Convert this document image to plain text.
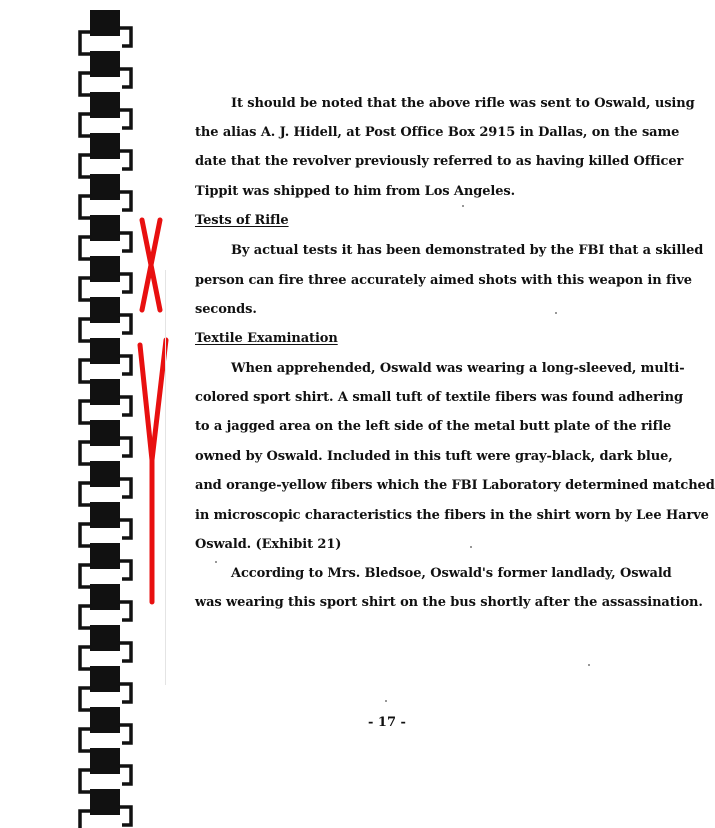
It should be noted that the above rifle was sent to Oswald, using
the alias A. J. Hidell, at Post Office Box 2915 in Dallas, on the same
date that the revolver previously referred to as having killed Officer
Tippit was shipped to him from Los Angeles.
Tests of Rifle
By actual tests it has been demonstrated by the FBI that a skilled
person can fire three accurately aimed shots with this weapon in five
seconds.
Textile Examination
When apprehended, Oswald was wearing a long-sleeved, multi-
colored sport shirt. A small tuft of textile fibers was found adhering
to a jagged area on the left side of the metal butt plate of the rifle
owned by Oswald. Included in this tuft were gray-black, dark blue,
and orange-yellow fibers which the FBI Laboratory determined matched
in microscopic characteristics the fibers in the shirt worn by Lee Harve
Oswald. (Exhibit 21)
According to Mrs. Bledsoe, Oswald's former landlady, Oswald
was wearing this sport shirt on the bus shortly after the assassination.
- 17 -
